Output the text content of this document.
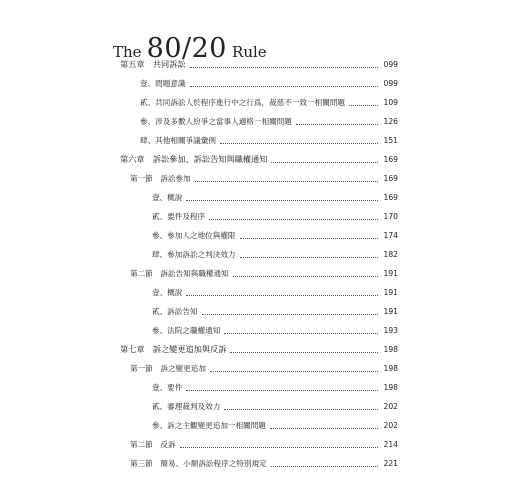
The 80/20 Rule
第五章　共同訴訟	099
壹、問題意識	099
貳、共同訴訟人於程序進行中之行爲，裁慈不一致一相關問題	109
參、涉及多數人紛爭之當事人適格一相關問題	126
肆、其他相關爭議彙例	151
第六章　訴訟參加、訴訟告知與職權通知	169
第一節　訴訟參加	169
壹、概說	169
貳、要件及程序	170
參、參加人之地位與權限	174
肆、參加訴訟之判決效力	182
第二節　訴訟告知與職權通知	191
壹、概說	191
貳、訴訟告知	191
參、法院之職權通知	193
第七章　訴之變更追加與反訴	198
第一節　訴之變更追加	198
壹、要件	198
貳、審理裁判及效力	202
參、訴之主觀變更追加一相關問題	202
第二節　反訴	214
第三節　簡易、小額訴訟程序之特別規定	221
